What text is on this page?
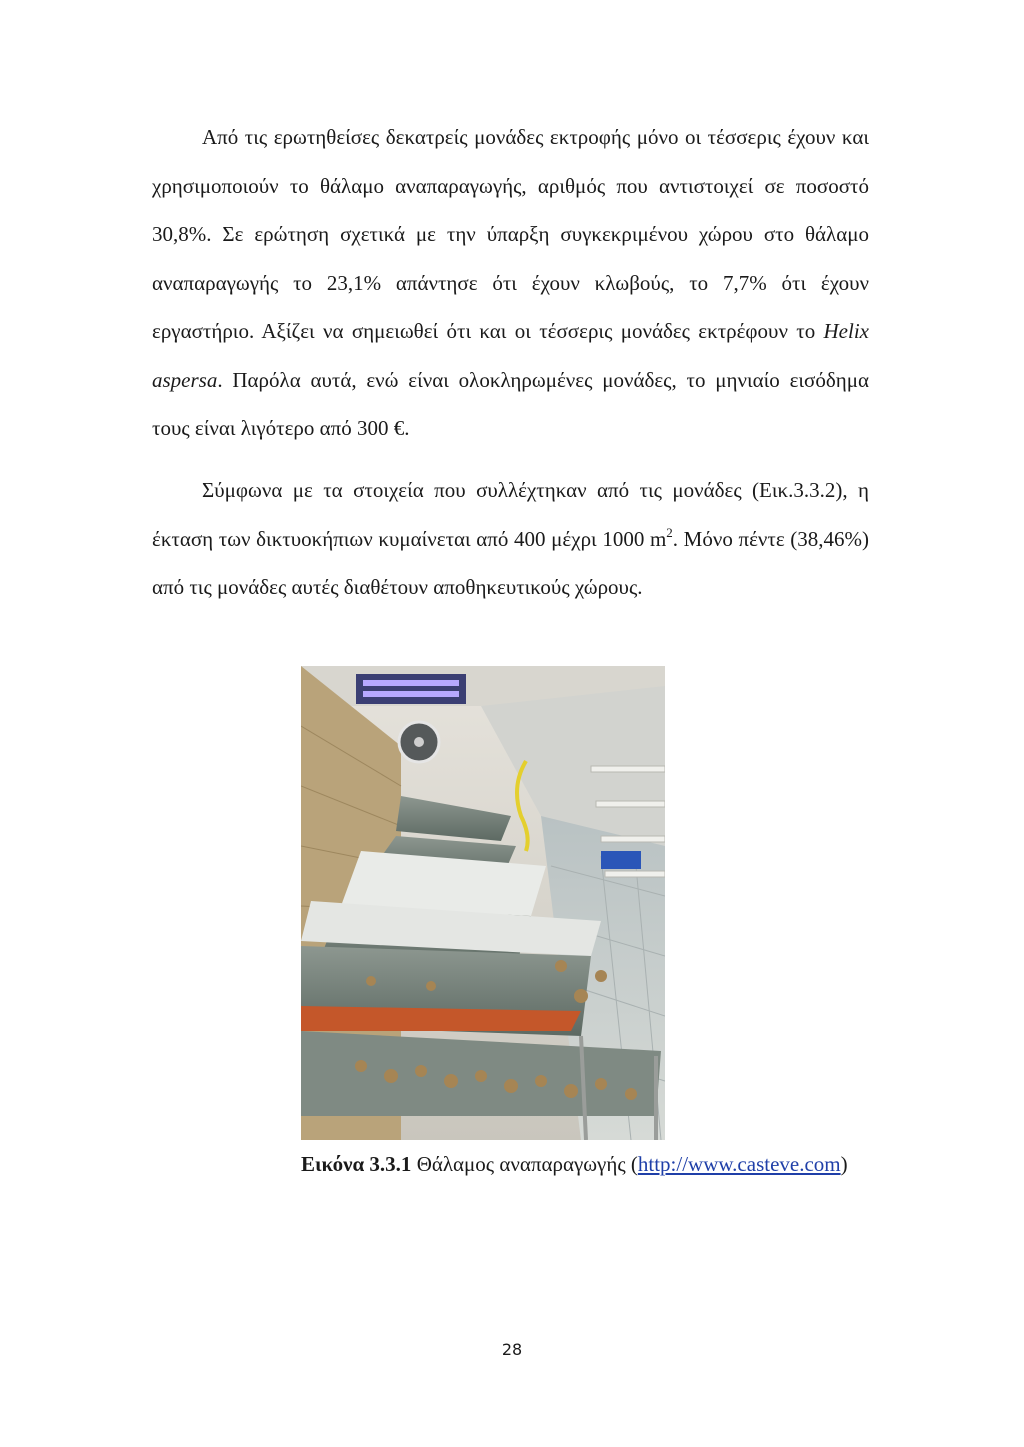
Από τις ερωτηθείσες δεκατρείς μονάδες εκτροφής μόνο οι τέσσερις έχουν και χρησιμοποιούν το θάλαμο αναπαραγωγής, αριθμός που αντιστοιχεί σε ποσοστό 30,8%. Σε ερώτηση σχετικά με την ύπαρξη συγκεκριμένου χώρου στο θάλαμο αναπαραγωγής το 23,1% απάντησε ότι έχουν κλωβούς, το 7,7% ότι έχουν εργαστήριο. Αξίζει να σημειωθεί ότι και οι τέσσερις μονάδες εκτρέφουν το Helix aspersa. Παρόλα αυτά, ενώ είναι ολοκληρωμένες μονάδες, το μηνιαίο εισόδημα τους είναι λιγότερο από 300 €.

Σύμφωνα με τα στοιχεία που συλλέχτηκαν από τις μονάδες (Εικ.3.3.2), η έκταση των δικτυοκήπιων κυμαίνεται από 400 μέχρι 1000 $m^2$. Μόνο πέντε (38,46%) από τις μονάδες αυτές διαθέτουν αποθηκευτικούς χώρους.

Εικόνα 3.3.1 Θάλαμος αναπαραγωγής (http://www.casteve.com)

28
